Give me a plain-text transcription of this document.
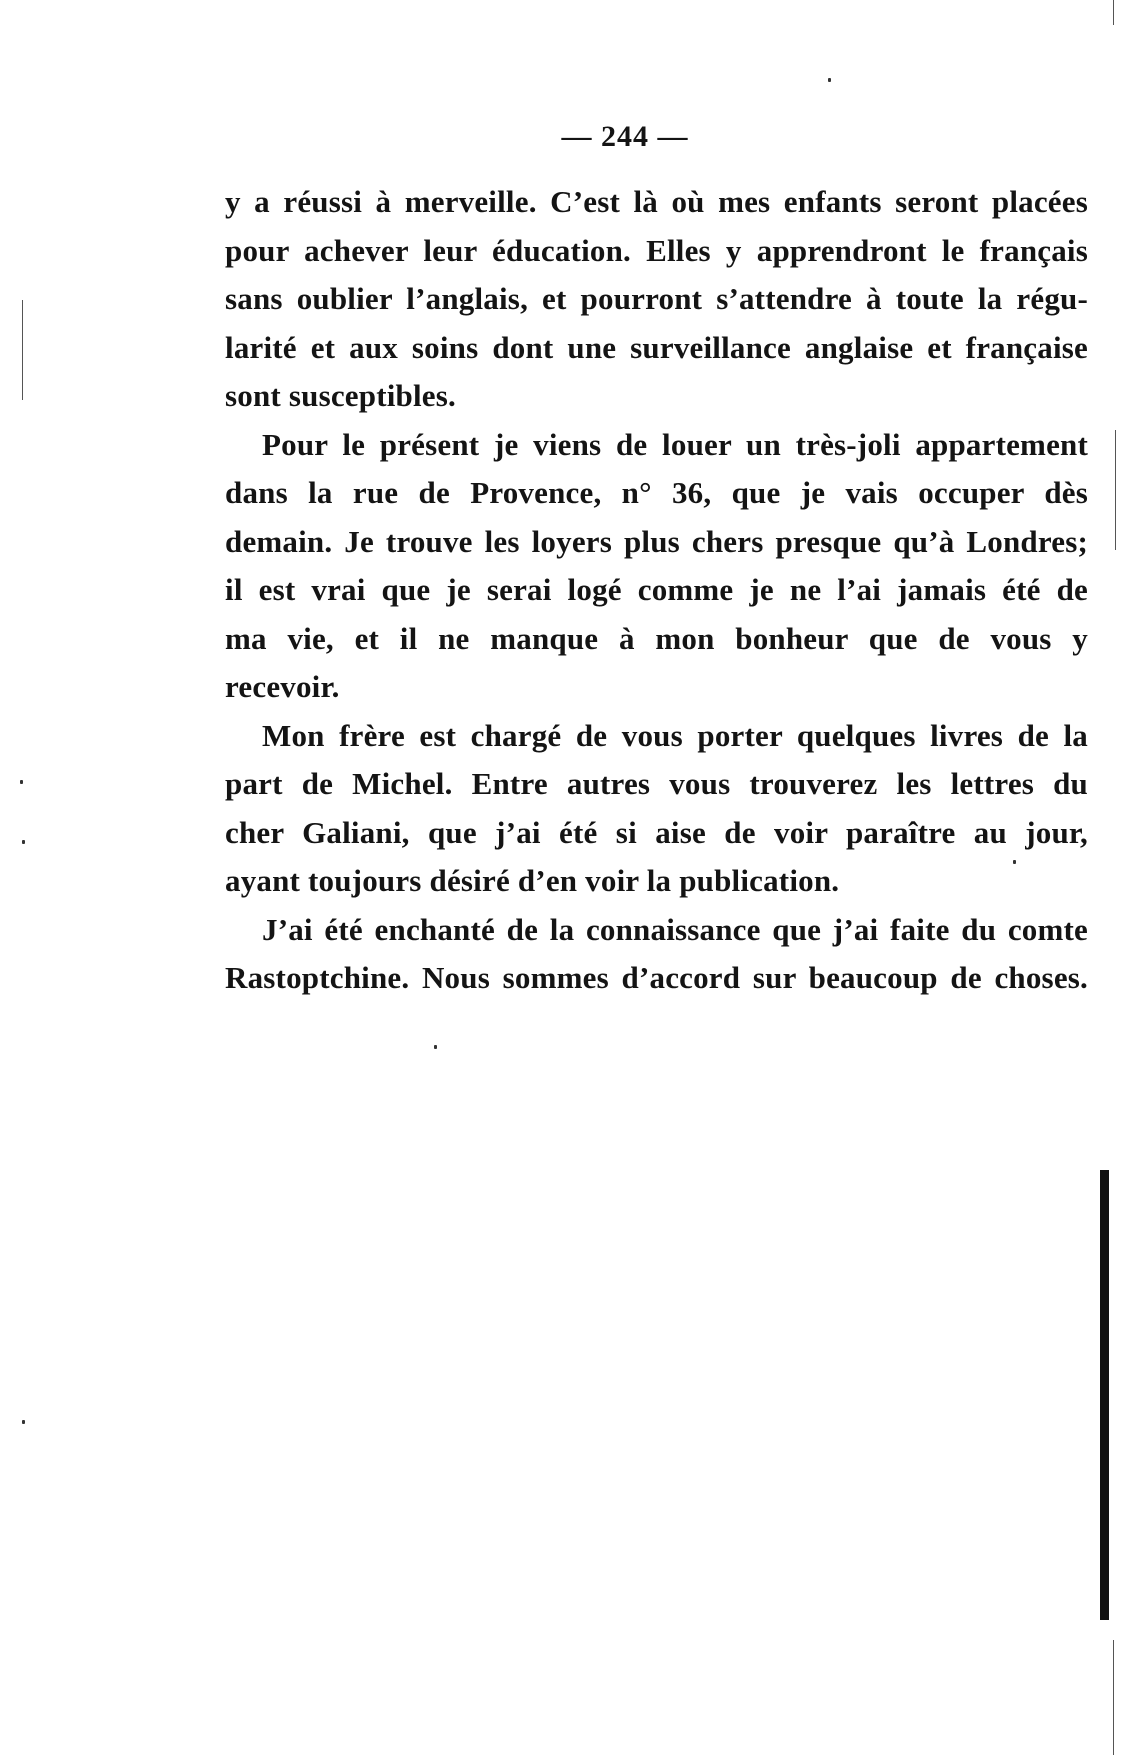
— 244 —
y a réussi à merveille. C’est là où mes enfants seront placées
pour achever leur éducation. Elles y apprendront le français
sans oublier l’anglais, et pourront s’attendre à toute la régu-
larité et aux soins dont une surveillance anglaise et française
sont susceptibles.
Pour le présent je viens de louer un très-joli appartement
dans la rue de Provence, n° 36, que je vais occuper dès
demain. Je trouve les loyers plus chers presque qu’à Londres;
il est vrai que je serai logé comme je ne l’ai jamais été de
ma vie, et il ne manque à mon bonheur que de vous y
recevoir.
Mon frère est chargé de vous porter quelques livres de la
part de Michel. Entre autres vous trouverez les lettres du
cher Galiani, que j’ai été si aise de voir paraître au jour,
ayant toujours désiré d’en voir la publication.
J’ai été enchanté de la connaissance que j’ai faite du comte
Rastoptchine. Nous sommes d’accord sur beaucoup de choses.
